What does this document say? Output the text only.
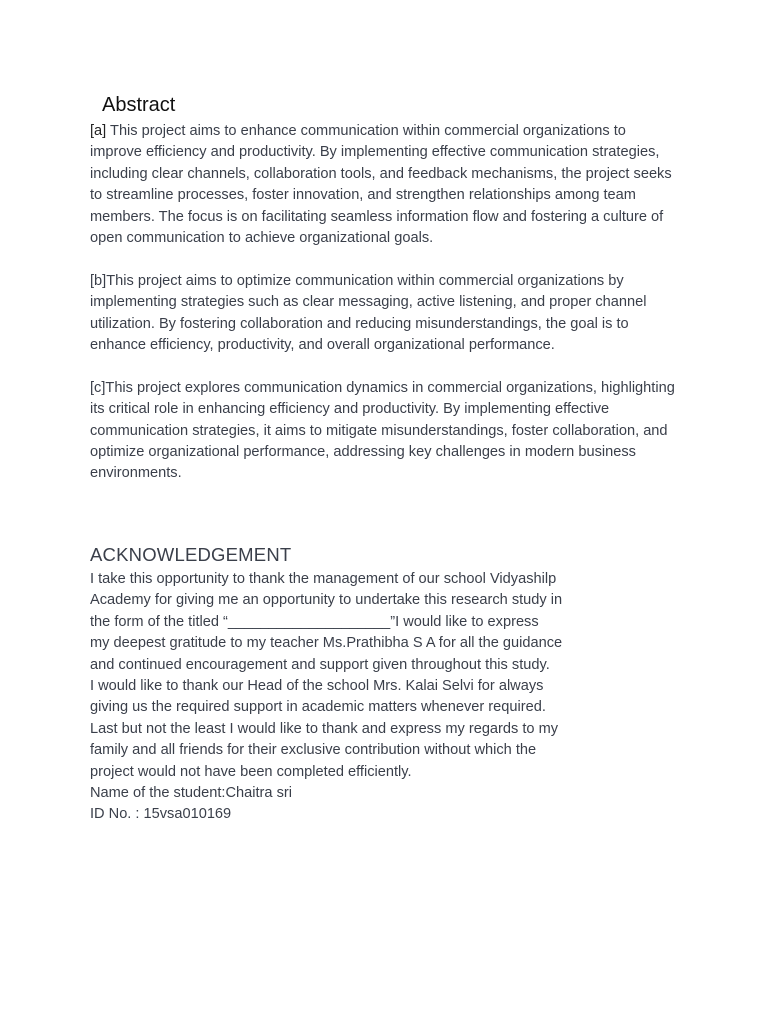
Abstract

[a] This project aims to enhance communication within commercial organizations to improve efficiency and productivity. By implementing effective communication strategies, including clear channels, collaboration tools, and feedback mechanisms, the project seeks to streamline processes, foster innovation, and strengthen relationships among team members. The focus is on facilitating seamless information flow and fostering a culture of open communication to achieve organizational goals.

[b]This project aims to optimize communication within commercial organizations by implementing strategies such as clear messaging, active listening, and proper channel utilization. By fostering collaboration and reducing misunderstandings, the goal is to enhance efficiency, productivity, and overall organizational performance.

[c]This project explores communication dynamics in commercial organizations, highlighting its critical role in enhancing efficiency and productivity. By implementing effective communication strategies, it aims to mitigate misunderstandings, foster collaboration, and optimize organizational performance, addressing key challenges in modern business environments.

ACKNOWLEDGEMENT
I take this opportunity to thank the management of our school Vidyashilp
Academy for giving me an opportunity to undertake this research study in
the form of the titled “____________________”I would like to express
my deepest gratitude to my teacher Ms.Prathibha S A for all the guidance
and continued encouragement and support given throughout this study.
I would like to thank our Head of the school Mrs. Kalai Selvi for always
giving us the required support in academic matters whenever required.
Last but not the least I would like to thank and express my regards to my
family and all friends for their exclusive contribution without which the
project would not have been completed efficiently.
Name of the student:Chaitra sri
ID No. : 15vsa010169
